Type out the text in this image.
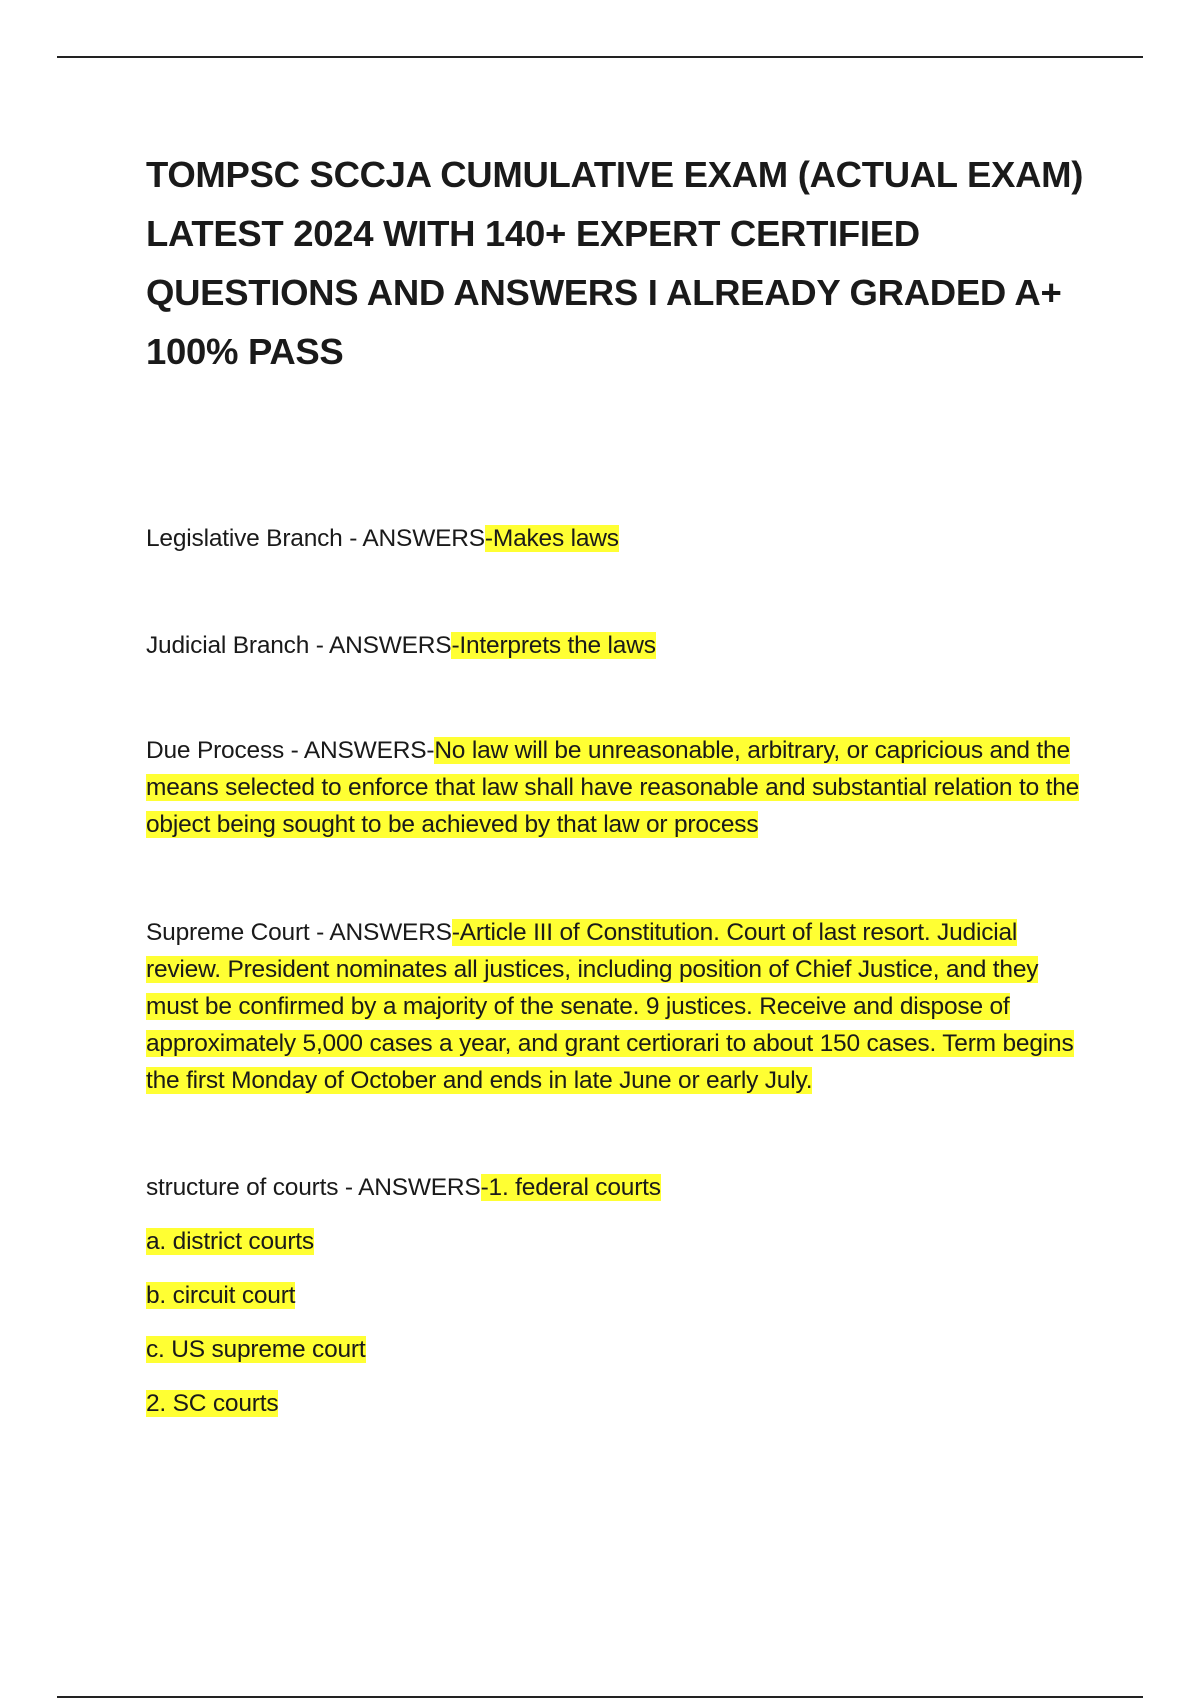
TOMPSC SCCJA CUMULATIVE EXAM (ACTUAL EXAM) LATEST 2024 WITH 140+ EXPERT CERTIFIED QUESTIONS AND ANSWERS I ALREADY GRADED A+ 100% PASS

Legislative Branch - ANSWERS-Makes laws

Judicial Branch - ANSWERS-Interprets the laws

Due Process - ANSWERS-No law will be unreasonable, arbitrary, or capricious and the means selected to enforce that law shall have reasonable and substantial relation to the object being sought to be achieved by that law or process

Supreme Court - ANSWERS-Article III of Constitution. Court of last resort. Judicial review. President nominates all justices, including position of Chief Justice, and they must be confirmed by a majority of the senate. 9 justices. Receive and dispose of approximately 5,000 cases a year, and grant certiorari to about 150 cases. Term begins the first Monday of October and ends in late June or early July.

structure of courts - ANSWERS-1. federal courts

a. district courts

b. circuit court

c. US supreme court

2. SC courts
